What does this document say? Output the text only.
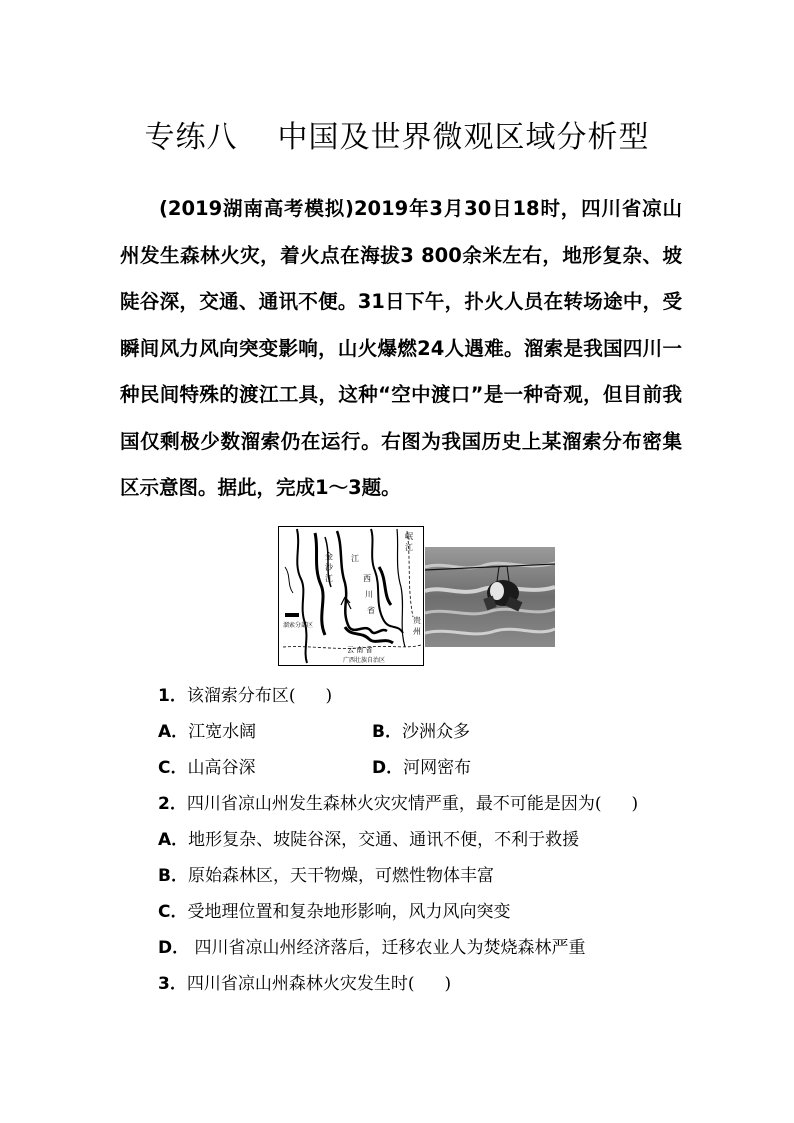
专练八 中国及世界微观区域分析型
(2019湖南高考模拟)2019年3月30日18时，四川省凉山州发生森林火灾，着火点在海拔3 800余米左右，地形复杂、坡陡谷深，交通、通讯不便。31日下午，扑火人员在转场途中，受瞬间风力风向突变影响，山火爆燃24人遇难。溜索是我国四川一种民间特殊的渡江工具，这种“空中渡口”是一种奇观，但目前我国仅剩极少数溜索仍在运行。右图为我国历史上某溜索分布密集区示意图。据此，完成1～3题。
金
沙
江
江
西
川
省
岷
江
贵
州
溜索分部区
云 南 省
广西壮族自治区
1．该溜索分布区( )
A．江宽水阔	B．沙洲众多
C．山高谷深	D．河网密布
2．四川省凉山州发生森林火灾灾情严重，最不可能是因为( )
A．地形复杂、坡陡谷深，交通、通讯不便，不利于救援
B．原始森林区，天干物燥，可燃性物体丰富
C．受地理位置和复杂地形影响，风力风向突变
D． 四川省凉山州经济落后，迁移农业人为焚烧森林严重
3．四川省凉山州森林火灾发生时( )
